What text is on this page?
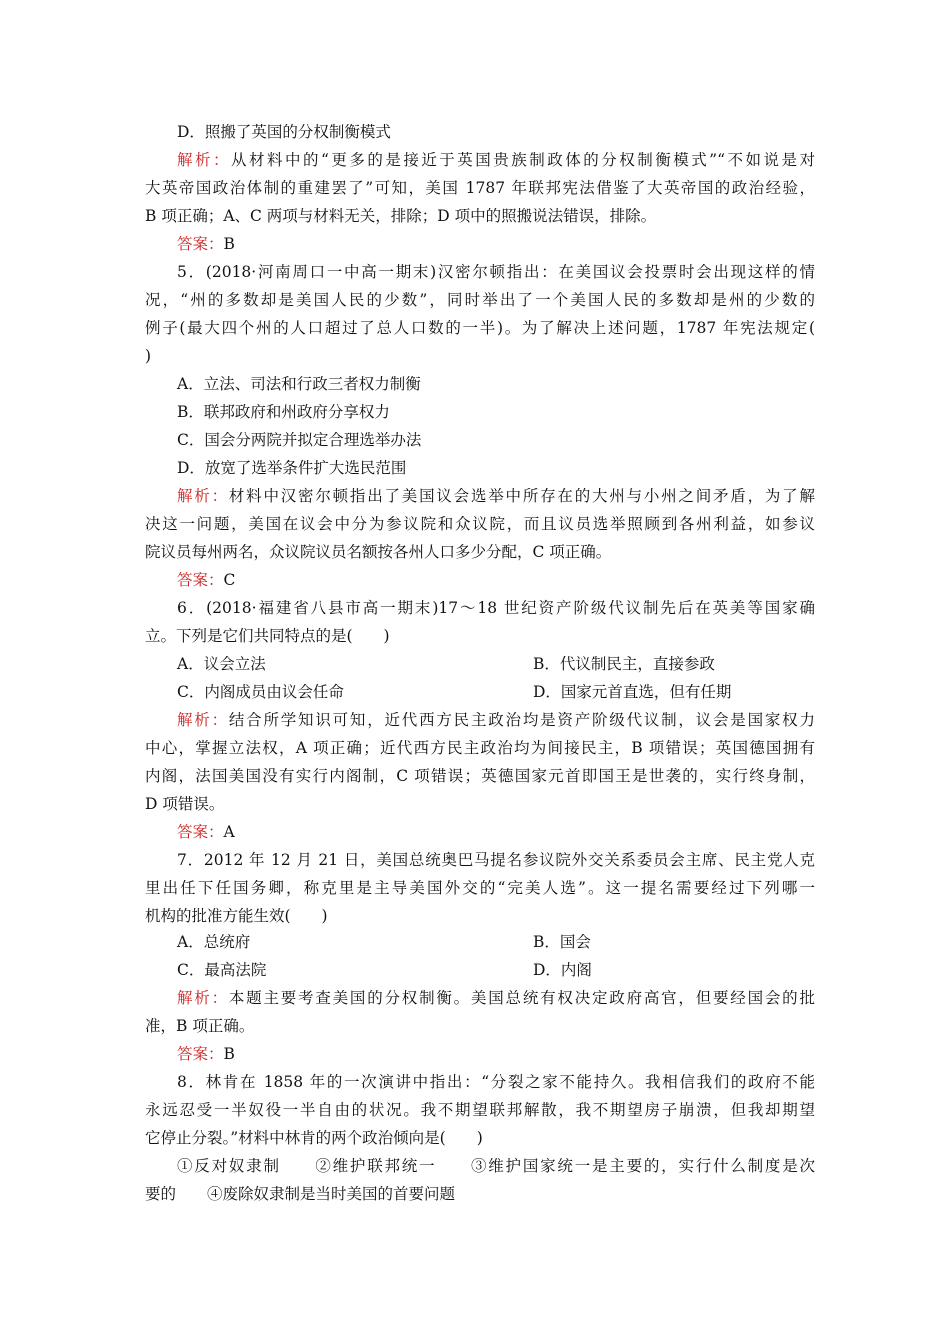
D．照搬了英国的分权制衡模式
解析：从材料中的“更多的是接近于英国贵族制政体的分权制衡模式”“不如说是对
大英帝国政治体制的重建罢了”可知，美国 1787 年联邦宪法借鉴了大英帝国的政治经验，
B 项正确；A、C 两项与材料无关，排除；D 项中的照搬说法错误，排除。
答案：B
5．(2018·河南周口一中高一期末)汉密尔顿指出：在美国议会投票时会出现这样的情
况，“州的多数却是美国人民的少数”，同时举出了一个美国人民的多数却是州的少数的
例子(最大四个州的人口超过了总人口数的一半)。为了解决上述问题，1787 年宪法规定(
)
A．立法、司法和行政三者权力制衡
B．联邦政府和州政府分享权力
C．国会分两院并拟定合理选举办法
D．放宽了选举条件扩大选民范围
解析：材料中汉密尔顿指出了美国议会选举中所存在的大州与小州之间矛盾，为了解
决这一问题，美国在议会中分为参议院和众议院，而且议员选举照顾到各州利益，如参议
院议员每州两名，众议院议员名额按各州人口多少分配，C 项正确。
答案：C
6．(2018·福建省八县市高一期末)17～18 世纪资产阶级代议制先后在英美等国家确
立。下列是它们共同特点的是(　　)
A．议会立法	B．代议制民主，直接参政
C．内阁成员由议会任命	D．国家元首直选，但有任期
解析：结合所学知识可知，近代西方民主政治均是资产阶级代议制，议会是国家权力
中心，掌握立法权，A 项正确；近代西方民主政治均为间接民主，B 项错误；英国德国拥有
内阁，法国美国没有实行内阁制，C 项错误；英德国家元首即国王是世袭的，实行终身制，
D 项错误。
答案：A
7．2012 年 12 月 21 日，美国总统奥巴马提名参议院外交关系委员会主席、民主党人克
里出任下任国务卿，称克里是主导美国外交的“完美人选”。这一提名需要经过下列哪一
机构的批准方能生效(　　)
A．总统府	B．国会
C．最高法院	D．内阁
解析：本题主要考查美国的分权制衡。美国总统有权决定政府高官，但要经国会的批
准，B 项正确。
答案：B
8．林肯在 1858 年的一次演讲中指出：“分裂之家不能持久。我相信我们的政府不能
永远忍受一半奴役一半自由的状况。我不期望联邦解散，我不期望房子崩溃，但我却期望
它停止分裂。”材料中林肯的两个政治倾向是(　　)
①反对奴隶制　　②维护联邦统一　　③维护国家统一是主要的，实行什么制度是次
要的　　④废除奴隶制是当时美国的首要问题
